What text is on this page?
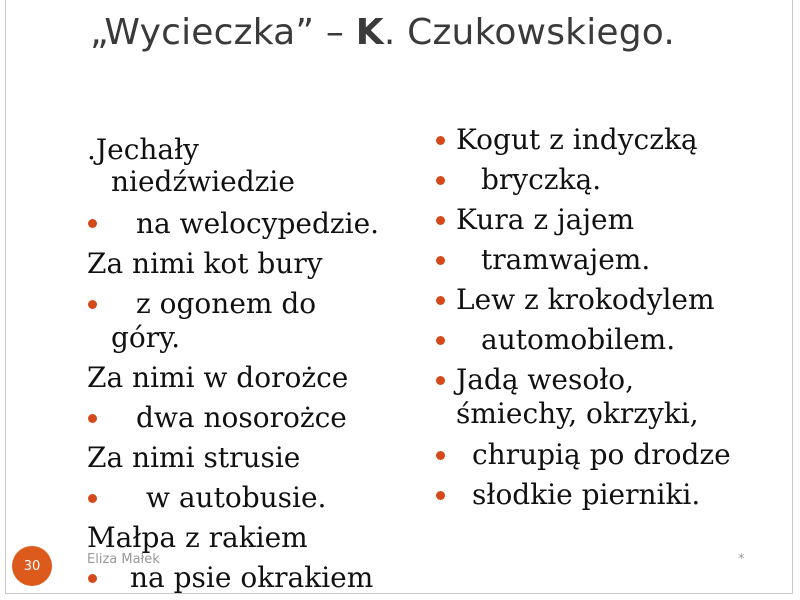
„Wycieczka” – K. Czukowskiego.
.Jechały
niedźwiedzie
na welocypedzie.
Za nimi kot bury
z ogonem do
góry.
Za nimi w dorożce
dwa nosorożce
Za nimi strusie
w autobusie.
Małpa z rakiem
na psie okrakiem
Kogut z indyczką
bryczką.
Kura z jajem
tramwajem.
Lew z krokodylem
automobilem.
Jadą wesoło,
śmiechy, okrzyki,
chrupią po drodze
słodkie pierniki.
30	Eliza Małek	*
